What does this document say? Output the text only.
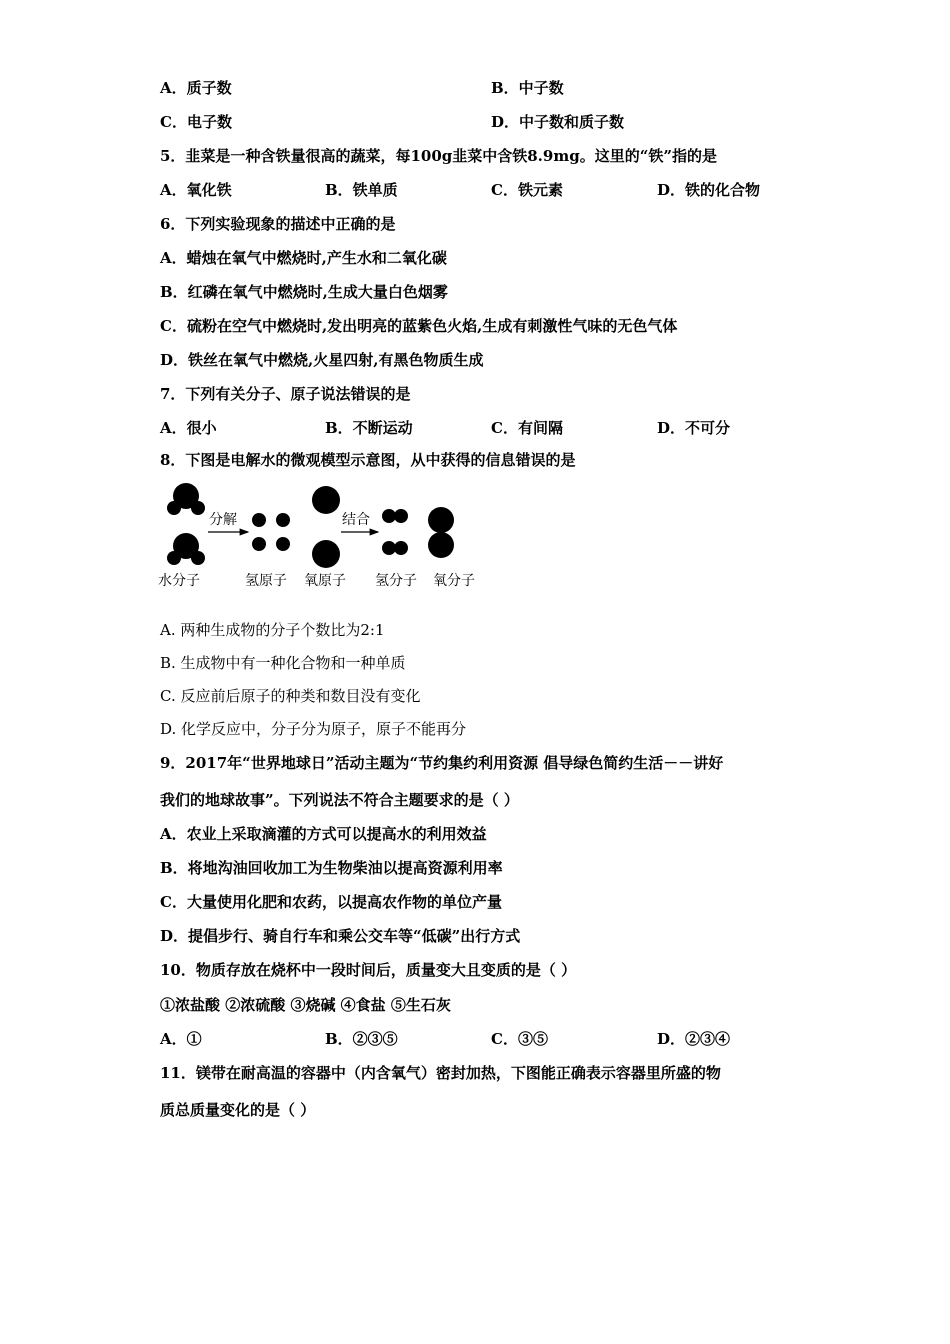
A．质子数	B．中子数
C．电子数	D．中子数和质子数
5．韭菜是一种含铁量很高的蔬菜，每100g韭菜中含铁8.9mg。这里的“铁”指的是
A．氧化铁	B．铁单质	C．铁元素	D．铁的化合物
6．下列实验现象的描述中正确的是
A．蜡烛在氧气中燃烧时,产生水和二氧化碳
B．红磷在氧气中燃烧时,生成大量白色烟雾
C．硫粉在空气中燃烧时,发出明亮的蓝紫色火焰,生成有刺激性气味的无色气体
D．铁丝在氧气中燃烧,火星四射,有黑色物质生成
7．下列有关分子、原子说法错误的是
A．很小	B．不断运动	C．有间隔	D．不可分
8．下图是电解水的微观模型示意图，从中获得的信息错误的是
分解	结合
水分子	氢原子 氧原子 氢分子 氧分子
A. 两种生成物的分子个数比为2:1
B. 生成物中有一种化合物和一种单质
C. 反应前后原子的种类和数目没有变化
D. 化学反应中，分子分为原子，原子不能再分
9．2017年“世界地球日”活动主题为“节约集约利用资源 倡导绿色简约生活－－讲好
我们的地球故事”。下列说法不符合主题要求的是（ ）
A．农业上采取滴灌的方式可以提高水的利用效益
B．将地沟油回收加工为生物柴油以提高资源利用率
C．大量使用化肥和农药，以提高农作物的单位产量
D．提倡步行、骑自行车和乘公交车等“低碳”出行方式
10．物质存放在烧杯中一段时间后，质量变大且变质的是（ ）
①浓盐酸 ②浓硫酸 ③烧碱 ④食盐 ⑤生石灰
A．①	B．②③⑤	C．③⑤	D．②③④
11．镁带在耐高温的容器中（内含氧气）密封加热，下图能正确表示容器里所盛的物
质总质量变化的是（ ）
